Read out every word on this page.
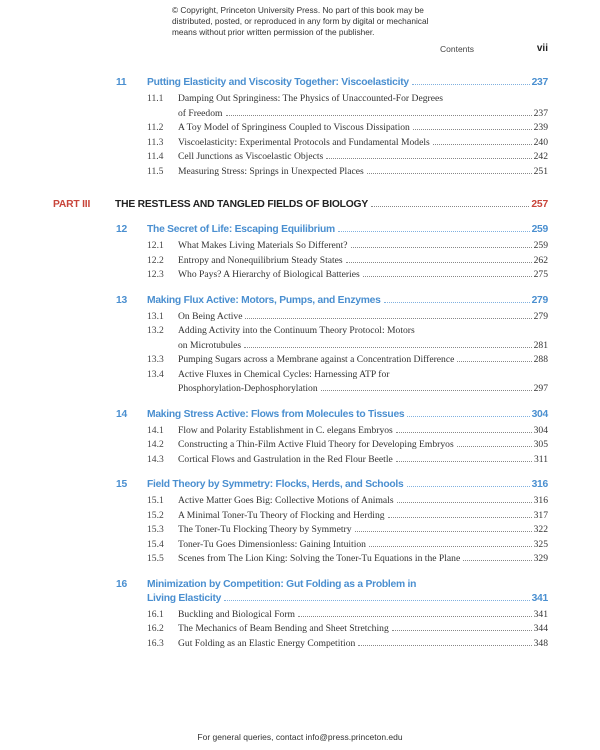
© Copyright, Princeton University Press. No part of this book may be
distributed, posted, or reproduced in any form by digital or mechanical
means without prior written permission of the publisher.
Contents	vii
11	Putting Elasticity and Viscosity Together: Viscoelasticity	237
11.1	Damping Out Springiness: The Physics of Unaccounted-For Degrees
of Freedom	237
11.2	A Toy Model of Springiness Coupled to Viscous Dissipation	239
11.3	Viscoelasticity: Experimental Protocols and Fundamental Models	240
11.4	Cell Junctions as Viscoelastic Objects	242
11.5	Measuring Stress: Springs in Unexpected Places	251
PART III	THE RESTLESS AND TANGLED FIELDS OF BIOLOGY	257
12	The Secret of Life: Escaping Equilibrium	259
12.1	What Makes Living Materials So Different?	259
12.2	Entropy and Nonequilibrium Steady States	262
12.3	Who Pays? A Hierarchy of Biological Batteries	275
13	Making Flux Active: Motors, Pumps, and Enzymes	279
13.1	On Being Active	279
13.2	Adding Activity into the Continuum Theory Protocol: Motors
on Microtubules	281
13.3	Pumping Sugars across a Membrane against a Concentration Difference	288
13.4	Active Fluxes in Chemical Cycles: Harnessing ATP for
Phosphorylation-Dephosphorylation	297
14	Making Stress Active: Flows from Molecules to Tissues	304
14.1	Flow and Polarity Establishment in C. elegans Embryos	304
14.2	Constructing a Thin-Film Active Fluid Theory for Developing Embryos	305
14.3	Cortical Flows and Gastrulation in the Red Flour Beetle	311
15	Field Theory by Symmetry: Flocks, Herds, and Schools	316
15.1	Active Matter Goes Big: Collective Motions of Animals	316
15.2	A Minimal Toner-Tu Theory of Flocking and Herding	317
15.3	The Toner-Tu Flocking Theory by Symmetry	322
15.4	Toner-Tu Goes Dimensionless: Gaining Intuition	325
15.5	Scenes from The Lion King: Solving the Toner-Tu Equations in the Plane	329
16	Minimization by Competition: Gut Folding as a Problem in
Living Elasticity	341
16.1	Buckling and Biological Form	341
16.2	The Mechanics of Beam Bending and Sheet Stretching	344
16.3	Gut Folding as an Elastic Energy Competition	348
For general queries, contact info@press.princeton.edu
